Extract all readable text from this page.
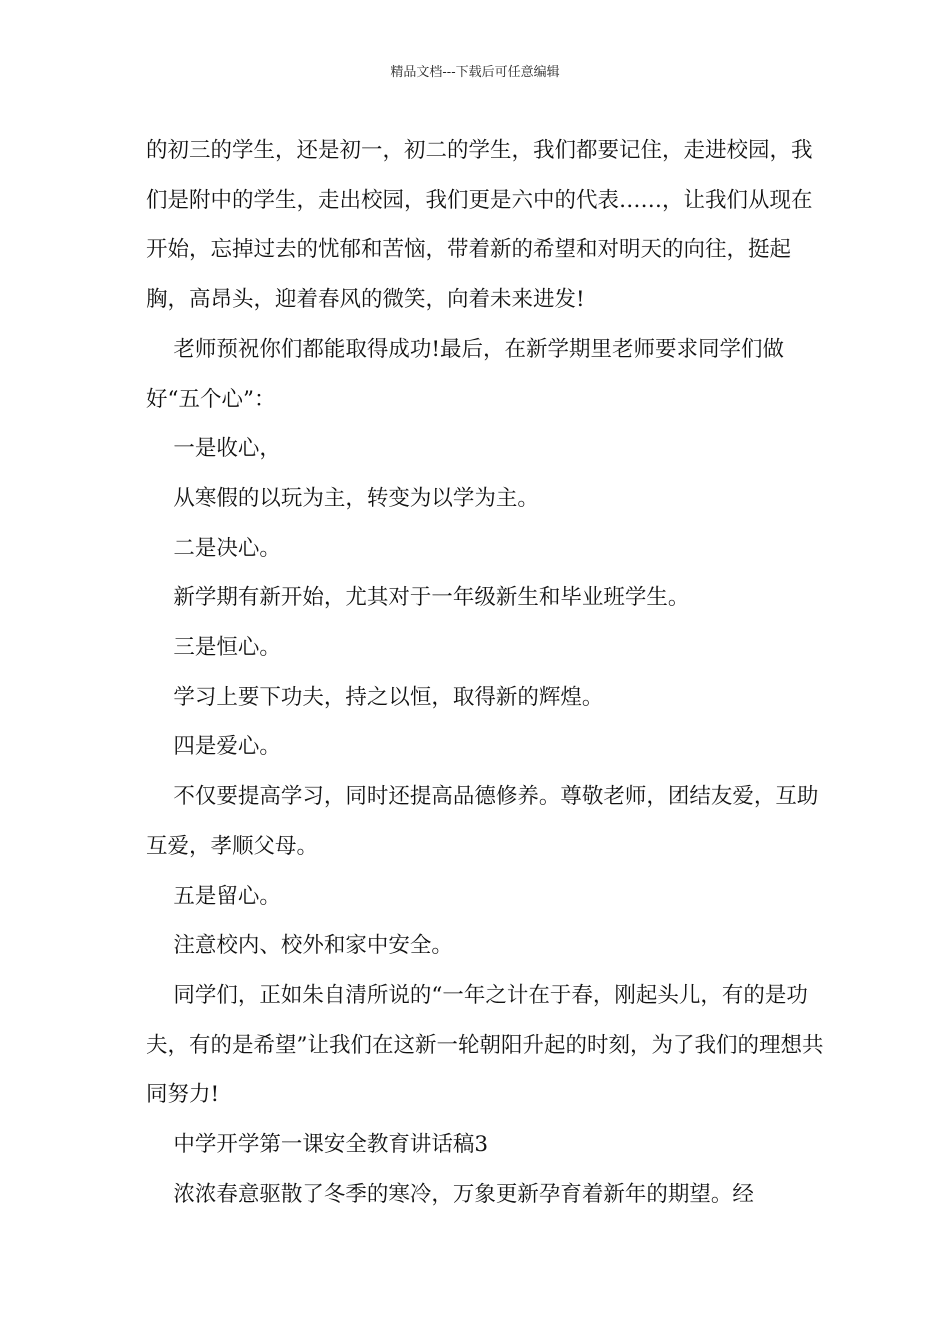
精品文档---下载后可任意编辑

的初三的学生，还是初一，初二的学生，我们都要记住，走进校园，我们是附中的学生，走出校园，我们更是六中的代表……，让我们从现在开始，忘掉过去的忧郁和苦恼，带着新的希望和对明天的向往，挺起胸，高昂头，迎着春风的微笑，向着未来进发!

老师预祝你们都能取得成功!最后，在新学期里老师要求同学们做好“五个心”：

一是收心，

从寒假的以玩为主，转变为以学为主。

二是决心。

新学期有新开始，尤其对于一年级新生和毕业班学生。

三是恒心。

学习上要下功夫，持之以恒，取得新的辉煌。

四是爱心。

不仅要提高学习，同时还提高品德修养。尊敬老师，团结友爱，互助互爱，孝顺父母。

五是留心。

注意校内、校外和家中安全。

同学们，正如朱自清所说的“一年之计在于春，刚起头儿，有的是功夫，有的是希望”让我们在这新一轮朝阳升起的时刻，为了我们的理想共同努力!

中学开学第一课安全教育讲话稿3

浓浓春意驱散了冬季的寒冷，万象更新孕育着新年的期望。经
